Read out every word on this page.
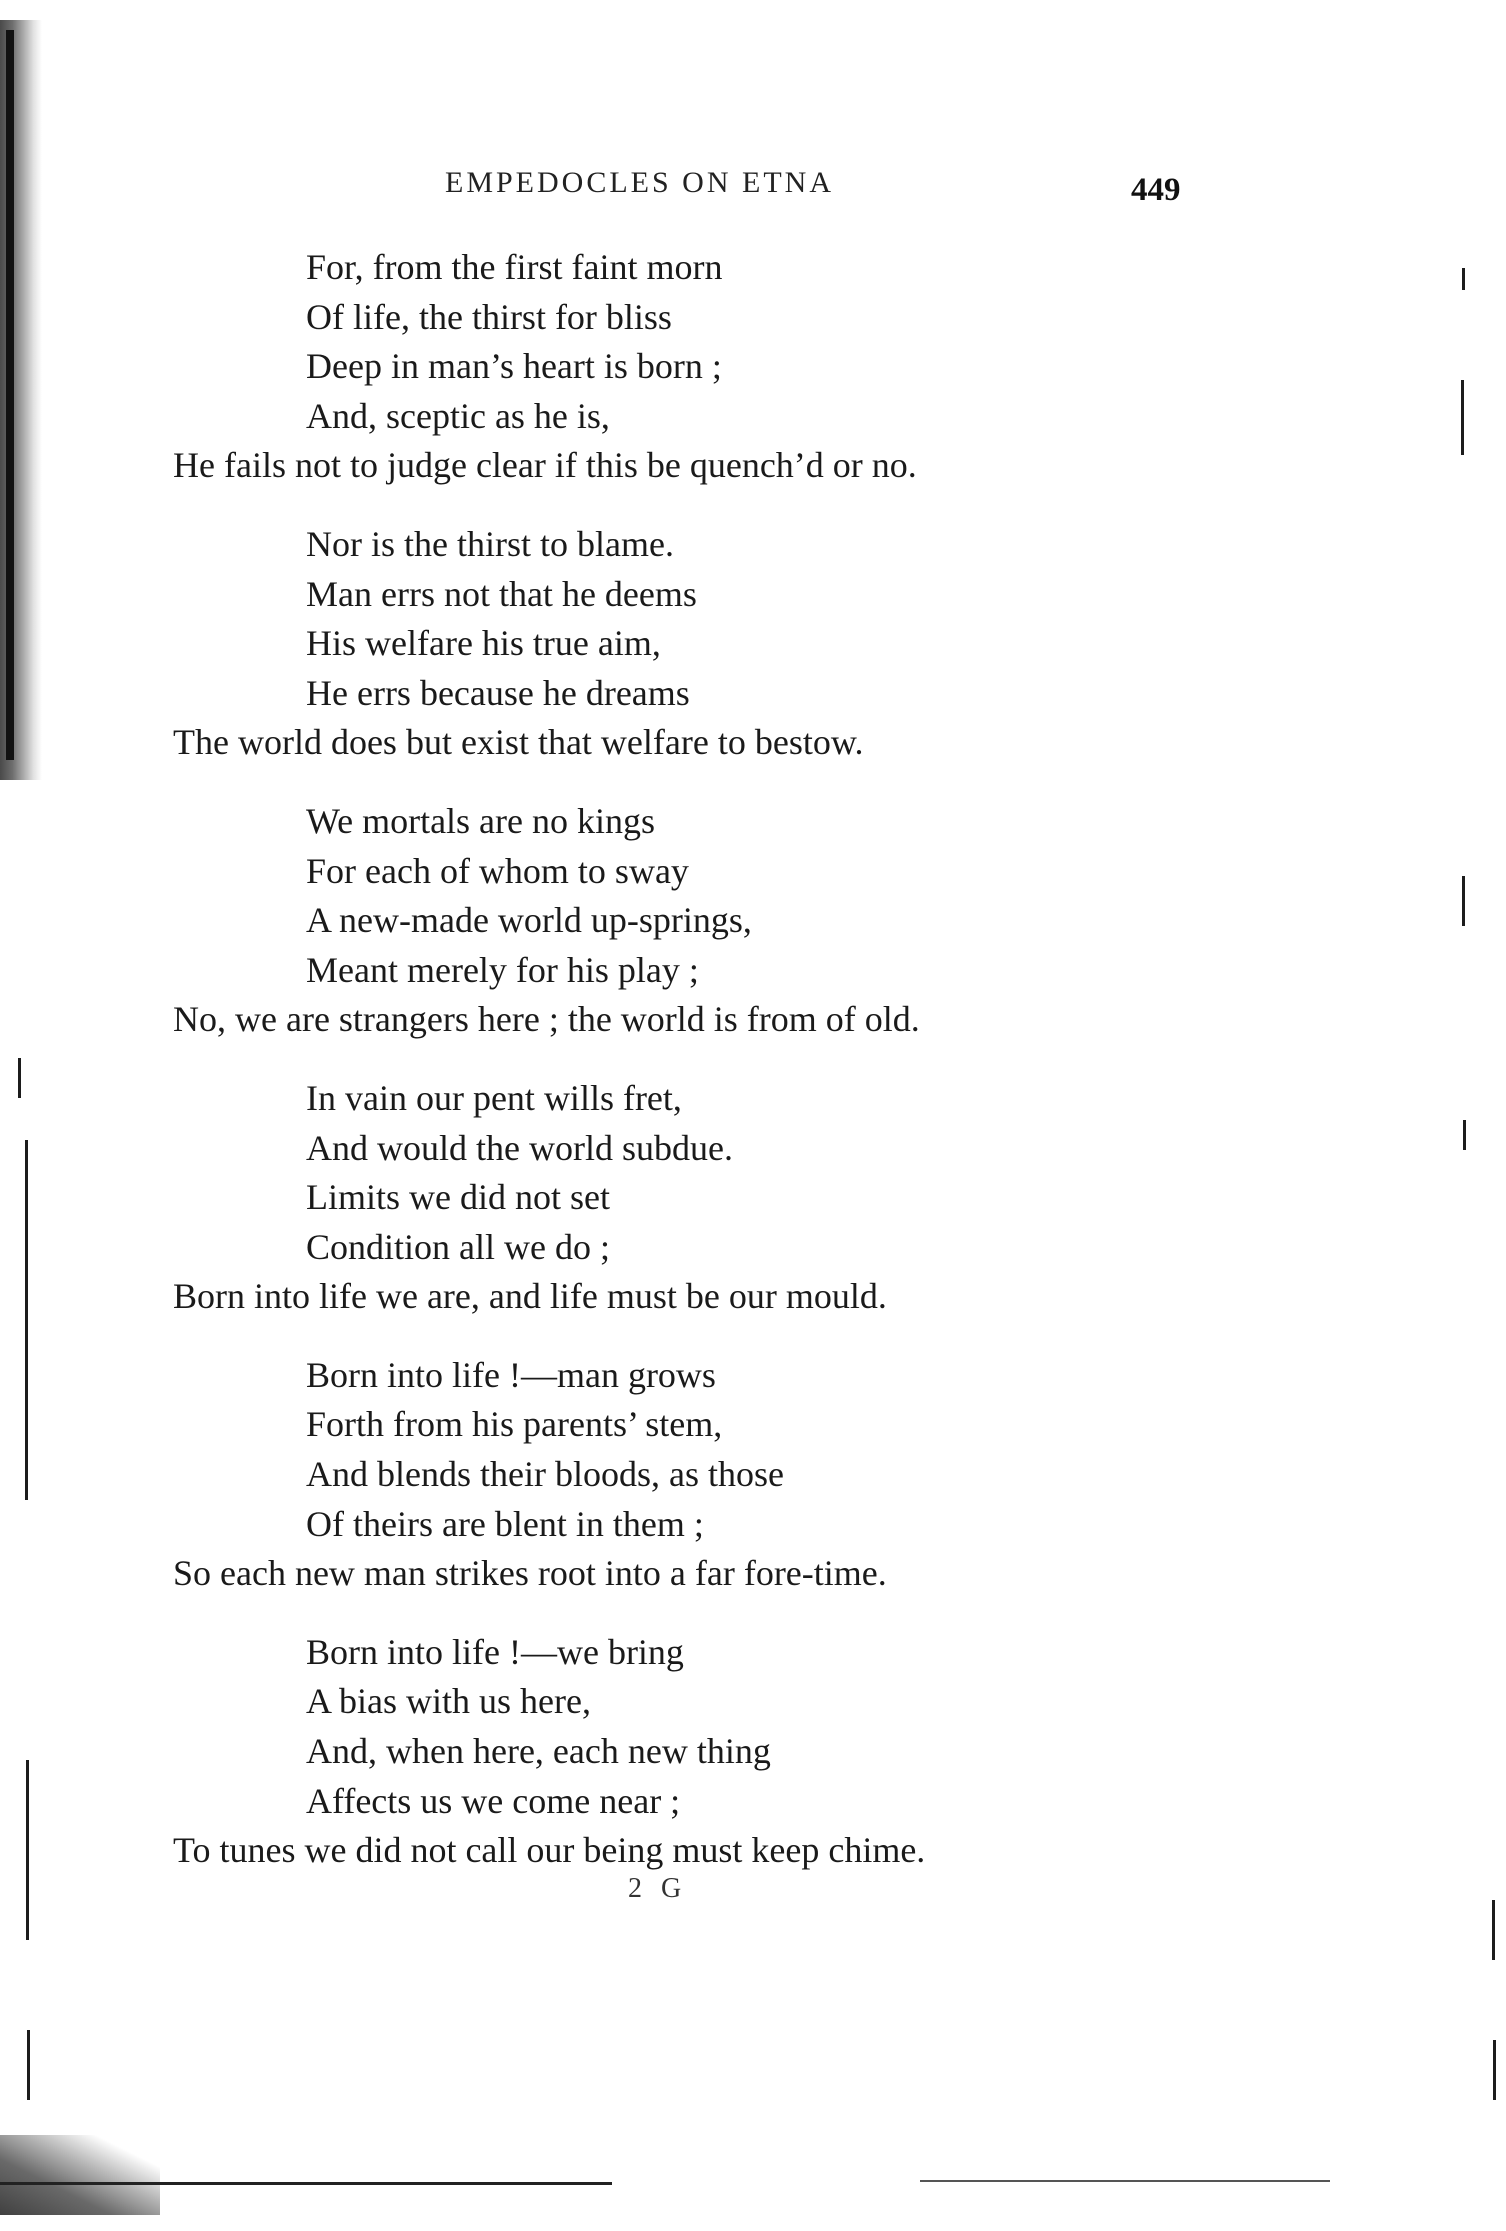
EMPEDOCLES ON ETNA	449
For, from the first faint morn
Of life, the thirst for bliss
Deep in man’s heart is born ;
And, sceptic as he is,
He fails not to judge clear if this be quench’d or no.
Nor is the thirst to blame.
Man errs not that he deems
His welfare his true aim,
He errs because he dreams
The world does but exist that welfare to bestow.
We mortals are no kings
For each of whom to sway
A new-made world up-springs,
Meant merely for his play ;
No, we are strangers here ; the world is from of old.
In vain our pent wills fret,
And would the world subdue.
Limits we did not set
Condition all we do ;
Born into life we are, and life must be our mould.
Born into life !—man grows
Forth from his parents’ stem,
And blends their bloods, as those
Of theirs are blent in them ;
So each new man strikes root into a far fore-time.
Born into life !—we bring
A bias with us here,
And, when here, each new thing
Affects us we come near ;
To tunes we did not call our being must keep chime.
2 G
